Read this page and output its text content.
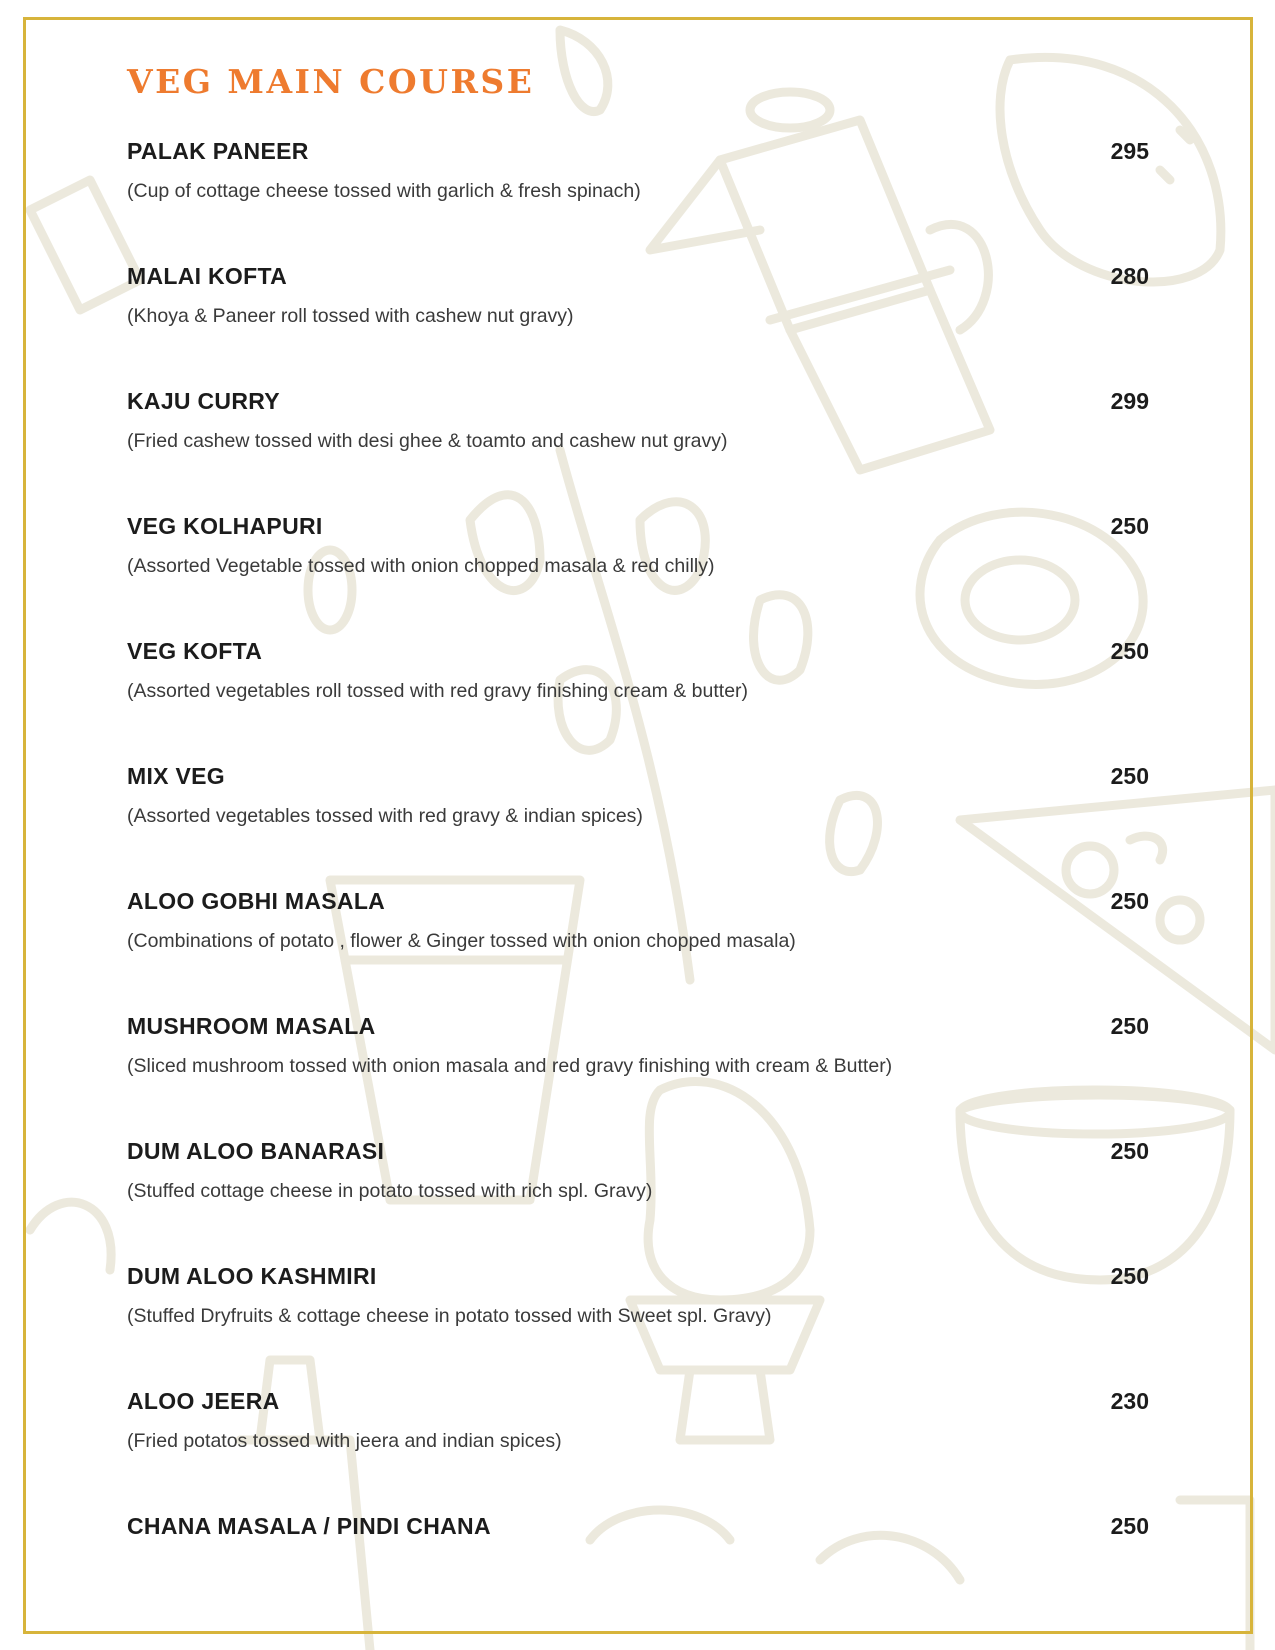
VEG MAIN COURSE
PALAK PANEER	295
(Cup of cottage cheese tossed with garlich & fresh spinach)
MALAI KOFTA	280
(Khoya & Paneer roll tossed with cashew nut gravy)
KAJU CURRY	299
(Fried cashew tossed with desi ghee & toamto and cashew nut gravy)
VEG KOLHAPURI	250
(Assorted Vegetable tossed with onion chopped masala & red chilly)
VEG KOFTA	250
(Assorted vegetables roll tossed with red gravy finishing cream & butter)
MIX VEG	250
(Assorted vegetables tossed with red gravy & indian spices)
ALOO GOBHI MASALA	250
(Combinations of potato , flower & Ginger tossed with onion chopped masala)
MUSHROOM MASALA	250
(Sliced mushroom tossed with onion masala and red gravy finishing with cream & Butter)
DUM ALOO BANARASI	250
(Stuffed cottage cheese in potato tossed with rich spl. Gravy)
DUM ALOO KASHMIRI	250
(Stuffed Dryfruits & cottage cheese in potato tossed with Sweet spl. Gravy)
ALOO JEERA	230
(Fried potatos tossed with jeera and indian spices)
CHANA MASALA / PINDI CHANA	250
